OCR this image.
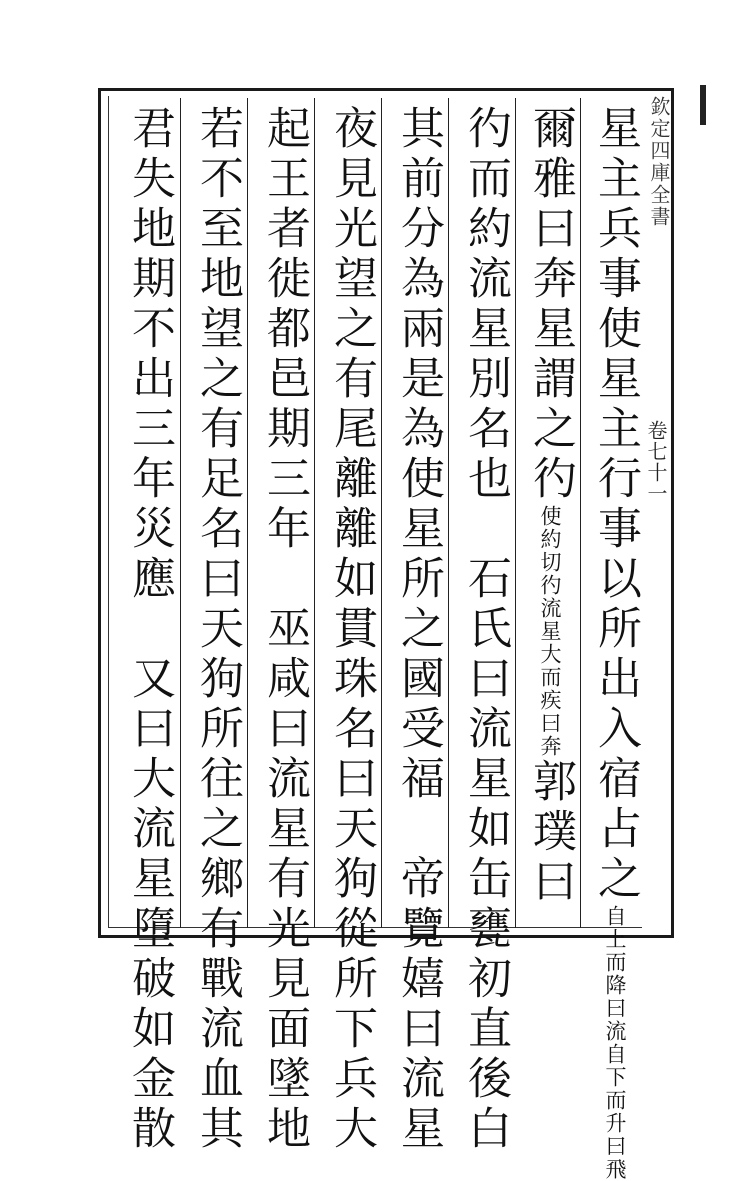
欽定四庫全書
卷七十一
星主兵事使星主行事以所出入宿占之自上而降曰流自下而升曰飛
爾雅曰奔星謂之彴使約切彴流星大而疾曰奔郭璞曰
彴而約流星別名也　石氏曰流星如缶甕初直後白
其前分為兩是為使星所之國受福　帝覽嬉曰流星
夜見光望之有尾離離如貫珠名曰天狗從所下兵大
起王者徙都邑期三年　巫咸曰流星有光見面墜地
若不至地望之有足名曰天狗所往之鄉有戰流血其
君失地期不出三年災應　又曰大流星墮破如金散
